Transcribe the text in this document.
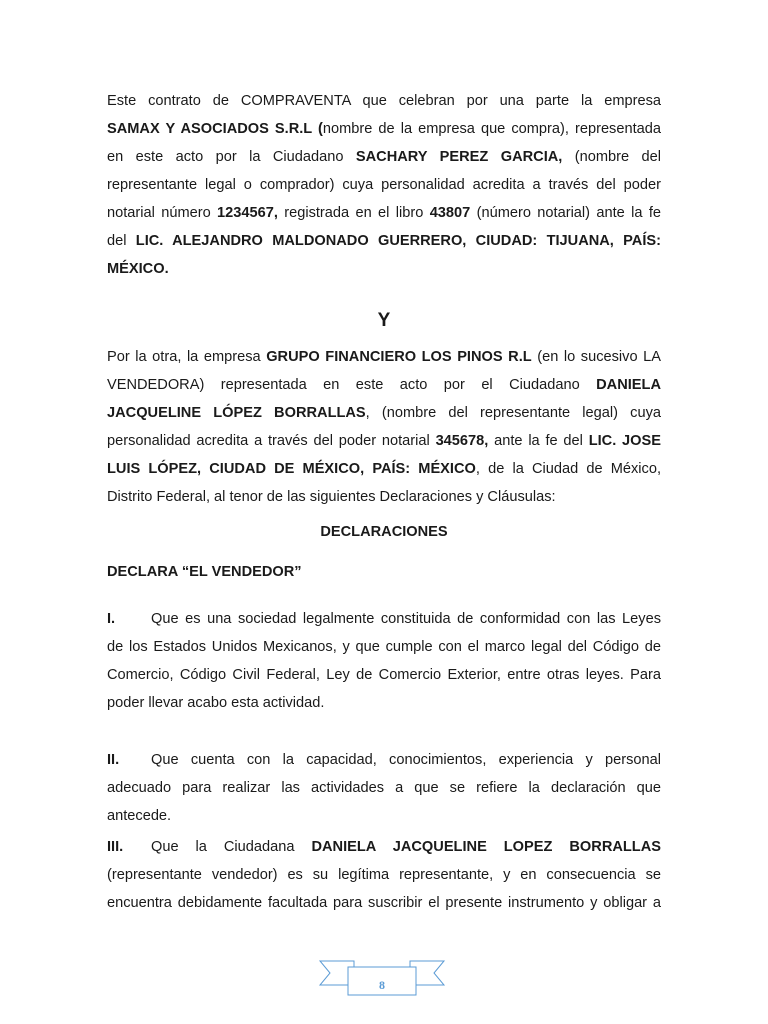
Este contrato de COMPRAVENTA que celebran por una parte la empresa
SAMAX Y ASOCIADOS S.R.L (nombre de la empresa que compra), representada
en este acto por la Ciudadano SACHARY PEREZ GARCIA, (nombre del
representante legal o comprador) cuya personalidad acredita a través del poder
notarial número 1234567, registrada en el libro 43807 (número notarial) ante la fe
del LIC. ALEJANDRO MALDONADO GUERRERO, CIUDAD: TIJUANA, PAÍS:
MÉXICO.
Y
Por la otra, la empresa GRUPO FINANCIERO LOS PINOS R.L (en lo sucesivo LA
VENDEDORA) representada en este acto por el Ciudadano DANIELA
JACQUELINE LÓPEZ BORRALLAS, (nombre del representante legal) cuya
personalidad acredita a través del poder notarial 345678, ante la fe del LIC. JOSE
LUIS LÓPEZ, CIUDAD DE MÉXICO, PAÍS: MÉXICO, de la Ciudad de México,
Distrito Federal, al tenor de las siguientes Declaraciones y Cláusulas:
DECLARACIONES
DECLARA “EL VENDEDOR”
I. Que es una sociedad legalmente constituida de conformidad con las Leyes
de los Estados Unidos Mexicanos, y que cumple con el marco legal del Código de
Comercio, Código Civil Federal, Ley de Comercio Exterior, entre otras leyes. Para
poder llevar acabo esta actividad.
II. Que cuenta con la capacidad, conocimientos, experiencia y personal
adecuado para realizar las actividades a que se refiere la declaración que
antecede.
III. Que la Ciudadana DANIELA JACQUELINE LOPEZ BORRALLAS
(representante vendedor) es su legítima representante, y en consecuencia se
encuentra debidamente facultada para suscribir el presente instrumento y obligar a
8
